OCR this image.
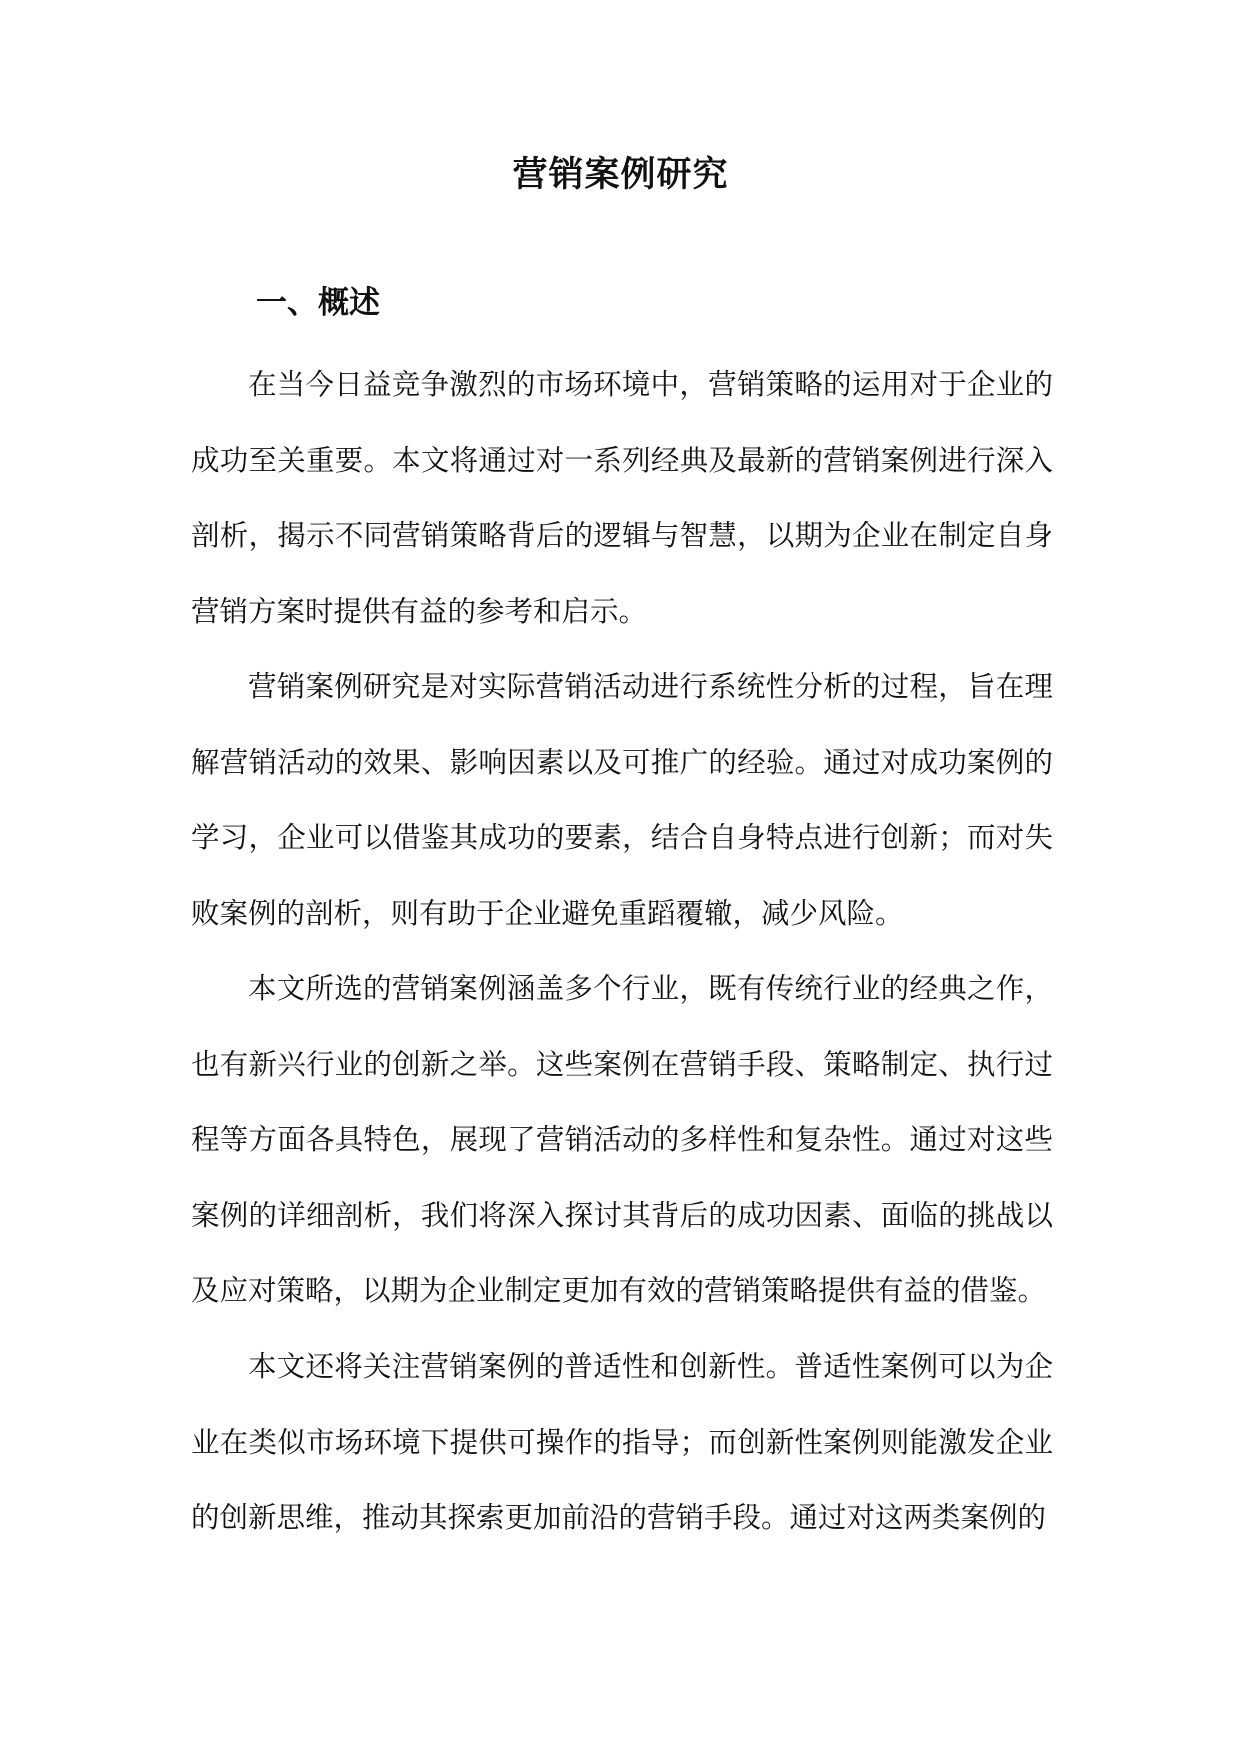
营销案例研究
一、概述

在当今日益竞争激烈的市场环境中，营销策略的运用对于企业的成功至关重要。本文将通过对一系列经典及最新的营销案例进行深入剖析，揭示不同营销策略背后的逻辑与智慧，以期为企业在制定自身营销方案时提供有益的参考和启示。

营销案例研究是对实际营销活动进行系统性分析的过程，旨在理解营销活动的效果、影响因素以及可推广的经验。通过对成功案例的学习，企业可以借鉴其成功的要素，结合自身特点进行创新；而对失败案例的剖析，则有助于企业避免重蹈覆辙，减少风险。

本文所选的营销案例涵盖多个行业，既有传统行业的经典之作，也有新兴行业的创新之举。这些案例在营销手段、策略制定、执行过程等方面各具特色，展现了营销活动的多样性和复杂性。通过对这些案例的详细剖析，我们将深入探讨其背后的成功因素、面临的挑战以及应对策略，以期为企业制定更加有效的营销策略提供有益的借鉴。

本文还将关注营销案例的普适性和创新性。普适性案例可以为企业在类似市场环境下提供可操作的指导；而创新性案例则能激发企业的创新思维，推动其探索更加前沿的营销手段。通过对这两类案例的
